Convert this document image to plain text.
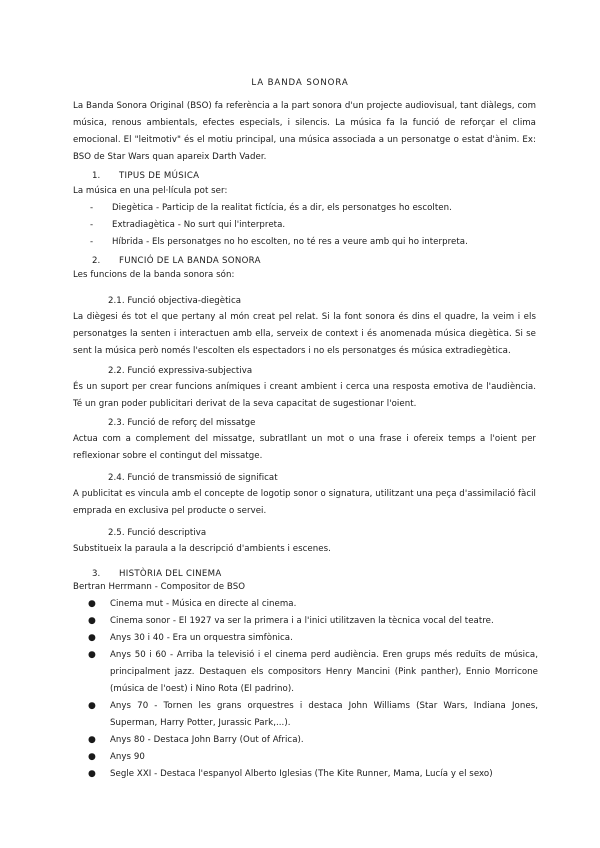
LA BANDA SONORA
La Banda Sonora Original (BSO) fa referència a la part sonora d'un projecte audiovisual, tant diàlegs, com música, renous ambientals, efectes especials, i silencis. La música fa la funció de reforçar el clima emocional. El "leitmotiv" és el motiu principal, una música associada a un personatge o estat d'ànim. Ex: BSO de Star Wars quan apareix Darth Vader.
1.	TIPUS DE MÚSICA
La música en una pel·lícula pot ser:
- Diegètica - Particip de la realitat fictícia, és a dir, els personatges ho escolten.
- Extradiagètica - No surt qui l'interpreta.
- Híbrida - Els personatges no ho escolten, no té res a veure amb qui ho interpreta.
2.	FUNCIÓ DE LA BANDA SONORA
Les funcions de la banda sonora són:
2.1. Funció objectiva-diegètica
La diègesi és tot el que pertany al món creat pel relat. Si la font sonora és dins el quadre, la veim i els personatges la senten i interactuen amb ella, serveix de context i és anomenada música diegètica. Si se sent la música però només l'escolten els espectadors i no els personatges és música extradiegètica.
2.2. Funció expressiva-subjectiva
És un suport per crear funcions anímiques i creant ambient i cerca una resposta emotiva de l'audiència. Té un gran poder publicitari derivat de la seva capacitat de sugestionar l'oient.
2.3. Funció de reforç del missatge
Actua com a complement del missatge, subratllant un mot o una frase i ofereix temps a l'oient per reflexionar sobre el contingut del missatge.
2.4. Funció de transmissió de significat
A publicitat es vincula amb el concepte de logotip sonor o signatura, utilitzant una peça d'assimilació fàcil emprada en exclusiva pel producte o servei.
2.5. Funció descriptiva
Substitueix la paraula a la descripció d'ambients i escenes.
3.	HISTÒRIA DEL CINEMA
Bertran Herrmann - Compositor de BSO
● Cinema mut - Música en directe al cinema.
● Cinema sonor - El 1927 va ser la primera i a l'inici utilitzaven la tècnica vocal del teatre.
● Anys 30 i 40 - Era un orquestra simfònica.
● Anys 50 i 60 - Arriba la televisió i el cinema perd audiència. Eren grups més reduïts de música, principalment jazz. Destaquen els compositors Henry Mancini (Pink panther), Ennio Morricone (música de l'oest) i Nino Rota (El padrino).
● Anys 70 - Tornen les grans orquestres i destaca John Williams (Star Wars, Indiana Jones, Superman, Harry Potter, Jurassic Park,...).
● Anys 80 - Destaca John Barry (Out of Africa).
● Anys 90
● Segle XXI - Destaca l'espanyol Alberto Iglesias (The Kite Runner, Mama, Lucía y el sexo)
